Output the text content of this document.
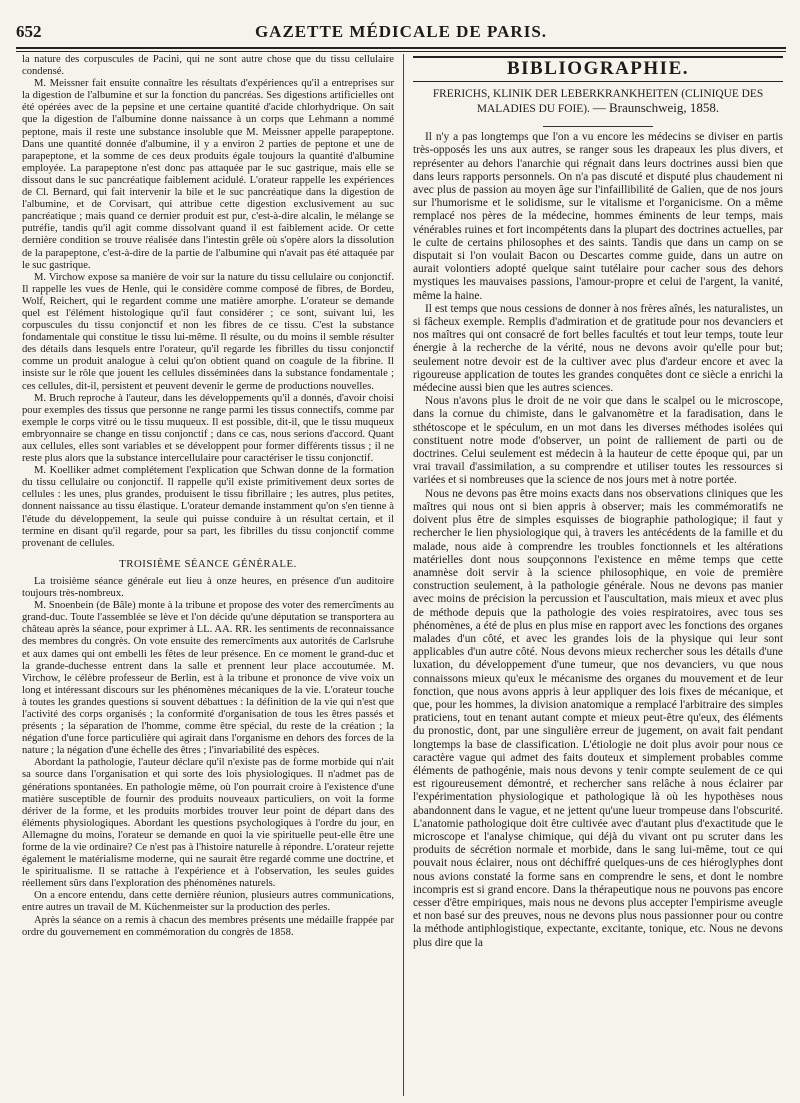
652	GAZETTE MÉDICALE DE PARIS.

la nature des corpuscules de Pacini, qui ne sont autre chose que du tissu cellulaire condensé.

M. Meissner fait ensuite connaître les résultats d'expériences qu'il a entreprises sur la digestion de l'albumine et sur la fonction du pancréas. Ses digestions artificielles ont été opérées avec de la pepsine et une certaine quantité d'acide chlorhydrique. On sait que la digestion de l'albumine donne naissance à un corps que Lehmann a nommé peptone, mais il reste une substance insoluble que M. Meissner appelle parapeptone. Dans une quantité donnée d'albumine, il y a environ 2 parties de peptone et une de parapeptone, et la somme de ces deux produits égale toujours la quantité d'albumine employée. La parapeptone n'est donc pas attaquée par le suc gastrique, mais elle se dissout dans le suc pancréatique faiblement acidulé. L'orateur rappelle les expériences de Cl. Bernard, qui fait intervenir la bile et le suc pancréatique dans la digestion de l'albumine, et de Corvisart, qui attribue cette digestion exclusivement au suc pancréatique ; mais quand ce dernier produit est pur, c'est-à-dire alcalin, le mélange se putréfie, tandis qu'il agit comme dissolvant quand il est faiblement acide. Or cette dernière condition se trouve réalisée dans l'intestin grêle où s'opère alors la dissolution de la parapeptone, c'est-à-dire de la partie de l'albumine qui n'avait pas été attaquée par le suc gastrique.

M. Virchow expose sa manière de voir sur la nature du tissu cellulaire ou conjonctif. Il rappelle les vues de Henle, qui le considère comme composé de fibres, de Bordeu, Wolf, Reichert, qui le regardent comme une matière amorphe. L'orateur se demande quel est l'élément histologique qu'il faut considérer ; ce sont, suivant lui, les corpuscules du tissu conjonctif et non les fibres de ce tissu. C'est la substance fondamentale qui constitue le tissu lui-même. Il résulte, ou du moins il semble résulter des détails dans lesquels entre l'orateur, qu'il regarde les fibrilles du tissu conjonctif comme un produit analogue à celui qu'on obtient quand on coagule de la fibrine. Il insiste sur le rôle que jouent les cellules disséminées dans la substance fondamentale ; ces cellules, dit-il, persistent et peuvent devenir le germe de productions nouvelles.

M. Bruch reproche à l'auteur, dans les développements qu'il a donnés, d'avoir choisi pour exemples des tissus que personne ne range parmi les tissus connectifs, comme par exemple le corps vitré ou le tissu muqueux. Il est possible, dit-il, que le tissu muqueux embryonnaire se change en tissu conjonctif ; dans ce cas, nous serions d'accord. Quant aux cellules, elles sont variables et se développent pour former différents tissus ; il ne reste plus alors que la substance intercellulaire pour caractériser le tissu conjonctif.

M. Koelliker admet complétement l'explication que Schwan donne de la formation du tissu cellulaire ou conjonctif. Il rappelle qu'il existe primitivement deux sortes de cellules : les unes, plus grandes, produisent le tissu fibrillaire ; les autres, plus petites, donnent naissance au tissu élastique. L'orateur demande instamment qu'on s'en tienne à l'étude du développement, la seule qui puisse conduire à un résultat certain, et il termine en disant qu'il regarde, pour sa part, les fibrilles du tissu conjonctif comme provenant de cellules.

TROISIÈME SÉANCE GÉNÉRALE.

La troisième séance générale eut lieu à onze heures, en présence d'un auditoire toujours très-nombreux.

M. Snoenbein (de Bâle) monte à la tribune et propose des voter des remercîments au grand-duc. Toute l'assemblée se lève et l'on décide qu'une députation se transportera au château après la séance, pour exprimer à LL. AA. RR. les sentiments de reconnaissance des membres du congrès. On vote ensuite des remercîments aux autorités de Carlsruhe et aux dames qui ont embelli les fêtes de leur présence. En ce moment le grand-duc et la grande-duchesse entrent dans la salle et prennent leur place accoutumée. M. Virchow, le célèbre professeur de Berlin, est à la tribune et prononce de vive voix un long et intéressant discours sur les phénomènes mécaniques de la vie. L'orateur touche à toutes les grandes questions si souvent débattues : la définition de la vie qui n'est que l'activité des corps organisés ; la conformité d'organisation de tous les êtres passés et présents ; la séparation de l'homme, comme être spécial, du reste de la création ; la négation d'une force particulière qui agirait dans l'organisme en dehors des forces de la nature ; la négation d'une échelle des êtres ; l'invariabilité des espèces.

Abordant la pathologie, l'auteur déclare qu'il n'existe pas de forme morbide qui n'ait sa source dans l'organisation et qui sorte des lois physiologiques. Il n'admet pas de générations spontanées. En pathologie même, où l'on pourrait croire à l'existence d'une matière susceptible de fournir des produits nouveaux particuliers, on voit la forme dériver de la forme, et les produits morbides trouver leur point de départ dans des éléments physiologiques. Abordant les questions psychologiques à l'ordre du jour, en Allemagne du moins, l'orateur se demande en quoi la vie spirituelle peut-elle être une forme de la vie ordinaire? Ce n'est pas à l'histoire naturelle à répondre. L'orateur rejette également le matérialisme moderne, qui ne saurait être regardé comme une doctrine, et le spiritualisme. Il se rattache à l'expérience et à l'observation, les seules guides réellement sûrs dans l'exploration des phénomènes naturels.

On a encore entendu, dans cette dernière réunion, plusieurs autres communications, entre autres un travail de M. Küchenmeister sur la production des perles.

Après la séance on a remis à chacun des membres présents une médaille frappée par ordre du gouvernement en commémoration du congrès de 1858.

BIBLIOGRAPHIE.
FRERICHS, KLINIK DER LEBERKRANKHEITEN (CLINIQUE DES MALADIES DU FOIE). — Braunschweig, 1858.

Il n'y a pas longtemps que l'on a vu encore les médecins se diviser en partis très-opposés les uns aux autres, se ranger sous les drapeaux les plus divers, et représenter au dehors l'anarchie qui régnait dans leurs doctrines aussi bien que dans leurs rapports personnels. On n'a pas discuté et disputé plus chaudement ni avec plus de passion au moyen âge sur l'infaillibilité de Galien, que de nos jours sur l'humorisme et le solidisme, sur le vitalisme et l'organicisme. On a même remplacé nos pères de la médecine, hommes éminents de leur temps, mais vénérables ruines et fort incompétents dans la plupart des doctrines actuelles, par le culte de certains philosophes et des saints. Tandis que dans un camp on se disputait si l'on voulait Bacon ou Descartes comme guide, dans un autre on aurait volontiers adopté quelque saint tutélaire pour cacher sous des dehors mystiques les mauvaises passions, l'amour-propre et celui de l'argent, la vanité, même la haine.

Il est temps que nous cessions de donner à nos frères aînés, les naturalistes, un si fâcheux exemple. Remplis d'admiration et de gratitude pour nos devanciers et nos maîtres qui ont consacré de fort belles facultés et tout leur temps, toute leur énergie à la recherche de la vérité, nous ne devons avoir qu'elle pour but; seulement notre devoir est de la cultiver avec plus d'ardeur encore et avec la rigoureuse application de toutes les grandes conquêtes dont ce siècle a enrichi la médecine aussi bien que les autres sciences.

Nous n'avons plus le droit de ne voir que dans le scalpel ou le microscope, dans la cornue du chimiste, dans le galvanomètre et la faradisation, dans le sthétoscope et le spéculum, en un mot dans les diverses méthodes isolées qui constituent notre mode d'observer, un point de ralliement de parti ou de doctrines. Celui seulement est médecin à la hauteur de cette époque qui, par un vrai travail d'assimilation, a su comprendre et utiliser toutes les ressources si variées et si nombreuses que la science de nos jours met à notre portée.

Nous ne devons pas être moins exacts dans nos observations cliniques que les maîtres qui nous ont si bien appris à observer; mais les commémoratifs ne doivent plus être de simples esquisses de biographie pathologique; il faut y rechercher le lien physiologique qui, à travers les antécédents de la famille et du malade, nous aide à comprendre les troubles fonctionnels et les altérations matérielles dont nous soupçonnons l'existence en même temps que cette anamnèse doit servir à la science philosophique, en voie de première construction seulement, à la pathologie générale. Nous ne devons pas manier avec moins de précision la percussion et l'auscultation, mais mieux et avec plus de méthode depuis que la pathologie des voies respiratoires, avec tous ses phénomènes, a été de plus en plus mise en rapport avec les fonctions des organes malades d'un côté, et avec les grandes lois de la physique qui leur sont applicables d'un autre côté. Nous devons mieux rechercher sous les détails d'une luxation, du développement d'une tumeur, que nos devanciers, vu que nous connaissons mieux qu'eux le mécanisme des organes du mouvement et de leur fonction, que nous avons appris à leur appliquer des lois fixes de mécanique, et que, pour les hommes, la division anatomique a remplacé l'arbitraire des simples praticiens, tout en tenant autant compte et mieux peut-être qu'eux, des éléments du pronostic, dont, par une singulière erreur de jugement, on avait fait pendant longtemps la base de classification. L'étiologie ne doit plus avoir pour nous ce caractère vague qui admet des faits douteux et simplement probables comme éléments de pathogénie, mais nous devons y tenir compte seulement de ce qui est rigoureusement démontré, et rechercher sans relâche à nous éclairer par l'expérimentation physiologique et pathologique là où les hypothèses nous abandonnent dans le vague, et ne jettent qu'une lueur trompeuse dans l'obscurité. L'anatomie pathologique doit être cultivée avec d'autant plus d'exactitude que le microscope et l'analyse chimique, qui déjà du vivant ont pu scruter dans les produits de sécrétion normale et morbide, dans le sang lui-même, tout ce qui pouvait nous éclairer, nous ont déchiffré quelques-uns de ces hiéroglyphes dont nous avions constaté la forme sans en comprendre le sens, et dont le nombre incompris est si grand encore. Dans la thérapeutique nous ne pouvons pas encore cesser d'être empiriques, mais nous ne devons plus accepter l'empirisme aveugle et non basé sur des preuves, nous ne devons plus nous passionner pour ou contre la méthode antiphlogistique, expectante, excitante, tonique, etc. Nous ne devons plus dire que la
